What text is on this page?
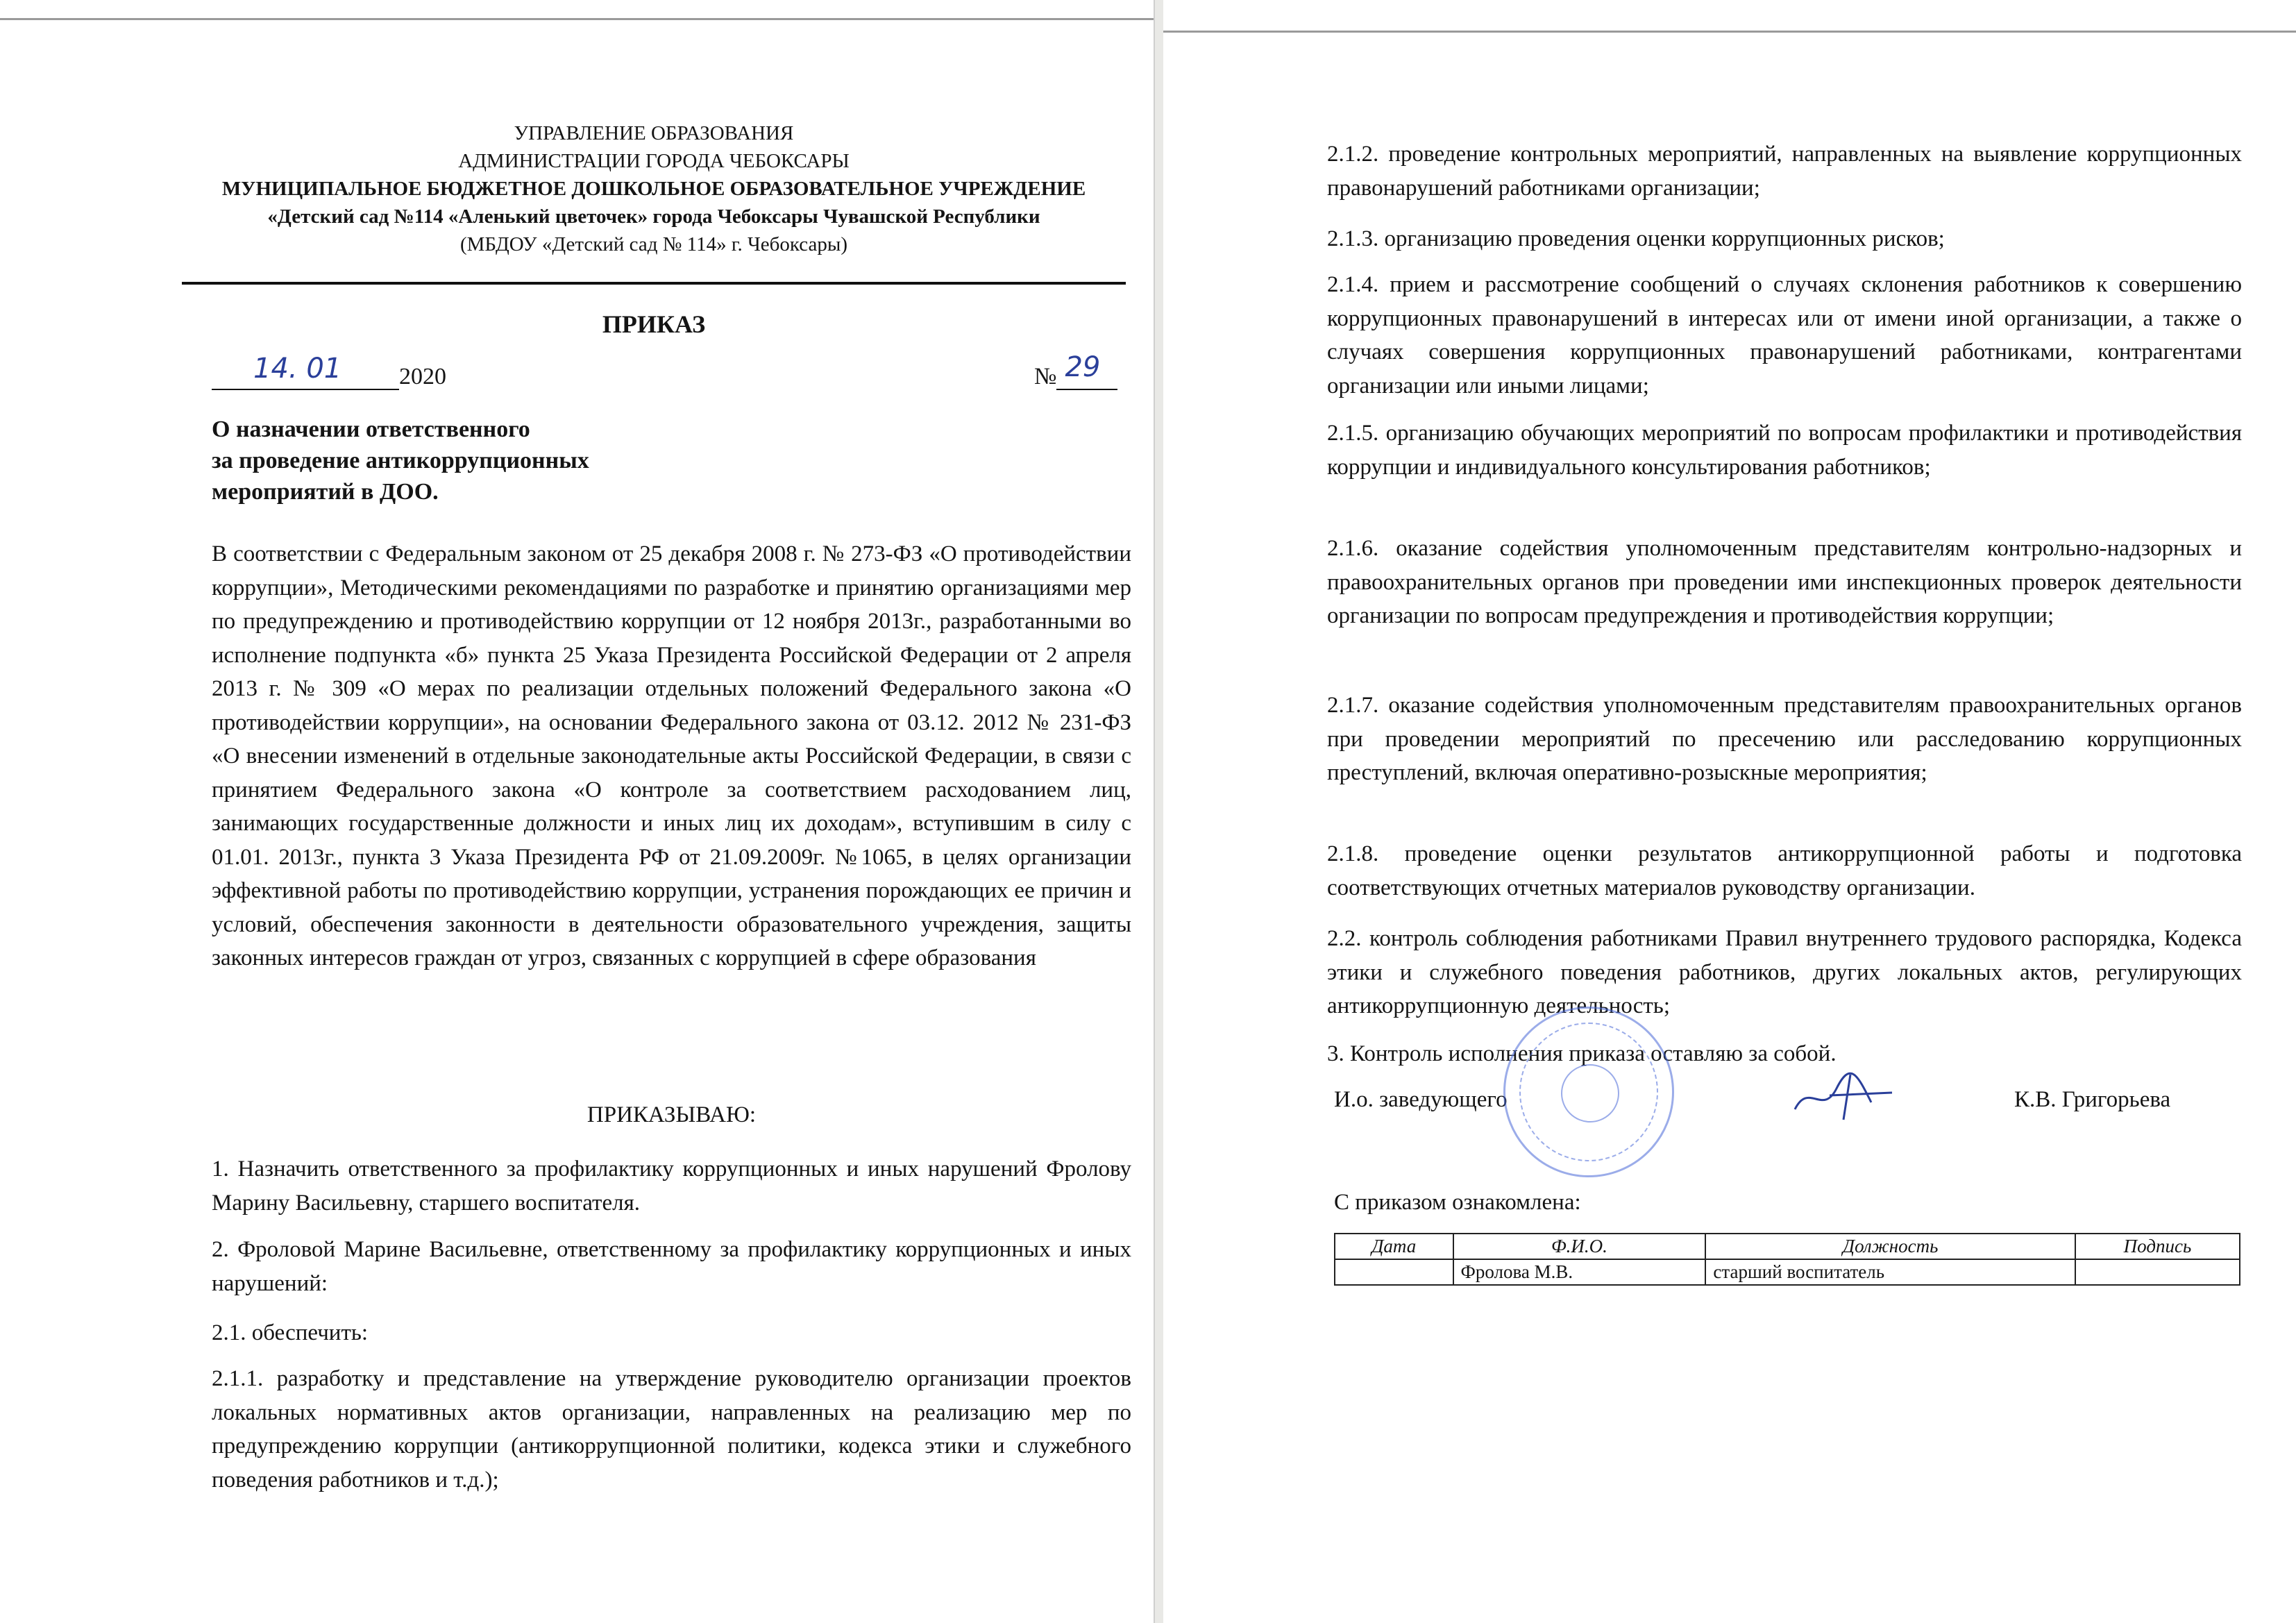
УПРАВЛЕНИЕ ОБРАЗОВАНИЯ
АДМИНИСТРАЦИИ ГОРОДА ЧЕБОКСАРЫ
МУНИЦИПАЛЬНОЕ БЮДЖЕТНОЕ ДОШКОЛЬНОЕ ОБРАЗОВАТЕЛЬНОЕ УЧРЕЖДЕНИЕ
«Детский сад №114 «Аленький цветочек» города Чебоксары Чувашской Республики
(МБДОУ «Детский сад № 114» г. Чебоксары)
ПРИКАЗ
14. 01 2020	№ 29
О назначении ответственного
за проведение антикоррупционных
мероприятий в ДОО.
В соответствии с Федеральным законом от 25 декабря 2008 г. № 273-ФЗ «О противодействии коррупции», Методическими рекомендациями по разработке и принятию организациями мер по предупреждению и противодействию коррупции от 12 ноября 2013г., разработанными во исполнение подпункта «б» пункта 25 Указа Президента Российской Федерации от 2 апреля 2013 г. № 309 «О мерах по реализации отдельных положений Федерального закона «О противодействии коррупции», на основании Федерального закона от 03.12. 2012 № 231-ФЗ «О внесении изменений в отдельные законодательные акты Российской Федерации, в связи с принятием Федерального закона «О контроле за соответствием расходованием лиц, занимающих государственные должности и иных лиц их доходам», вступившим в силу с 01.01. 2013г., пункта 3 Указа Президента РФ от 21.09.2009г. №1065, в целях организации эффективной работы по противодействию коррупции, устранения порождающих ее причин и условий, обеспечения законности в деятельности образовательного учреждения, защиты законных интересов граждан от угроз, связанных с коррупцией в сфере образования
ПРИКАЗЫВАЮ:
1. Назначить ответственного за профилактику коррупционных и иных нарушений Фролову Марину Васильевну, старшего воспитателя.
2. Фроловой Марине Васильевне, ответственному за профилактику коррупционных и иных нарушений:
2.1. обеспечить:
2.1.1. разработку и представление на утверждение руководителю организации проектов локальных нормативных актов организации, направленных на реализацию мер по предупреждению коррупции (антикоррупционной политики, кодекса этики и служебного поведения работников и т.д.);
2.1.2. проведение контрольных мероприятий, направленных на выявление коррупционных правонарушений работниками организации;
2.1.3. организацию проведения оценки коррупционных рисков;
2.1.4. прием и рассмотрение сообщений о случаях склонения работников к совершению коррупционных правонарушений в интересах или от имени иной организации, а также о случаях совершения коррупционных правонарушений работниками, контрагентами организации или иными лицами;
2.1.5. организацию обучающих мероприятий по вопросам профилактики и противодействия коррупции и индивидуального консультирования работников;
2.1.6. оказание содействия уполномоченным представителям контрольно-надзорных и правоохранительных органов при проведении ими инспекционных проверок деятельности организации по вопросам предупреждения и противодействия коррупции;
2.1.7. оказание содействия уполномоченным представителям правоохранительных органов при проведении мероприятий по пресечению или расследованию коррупционных преступлений, включая оперативно-розыскные мероприятия;
2.1.8. проведение оценки результатов антикоррупционной работы и подготовка соответствующих отчетных материалов руководству организации.
2.2. контроль соблюдения работниками Правил внутреннего трудового распорядка, Кодекса этики и служебного поведения работников, других локальных актов, регулирующих антикоррупционную деятельность;
3. Контроль исполнения приказа оставляю за собой.
И.о. заведующего	К.В. Григорьева
С приказом ознакомлена:
Дата	Ф.И.О.	Должность	Подпись
	Фролова М.В.	старший воспитатель	
